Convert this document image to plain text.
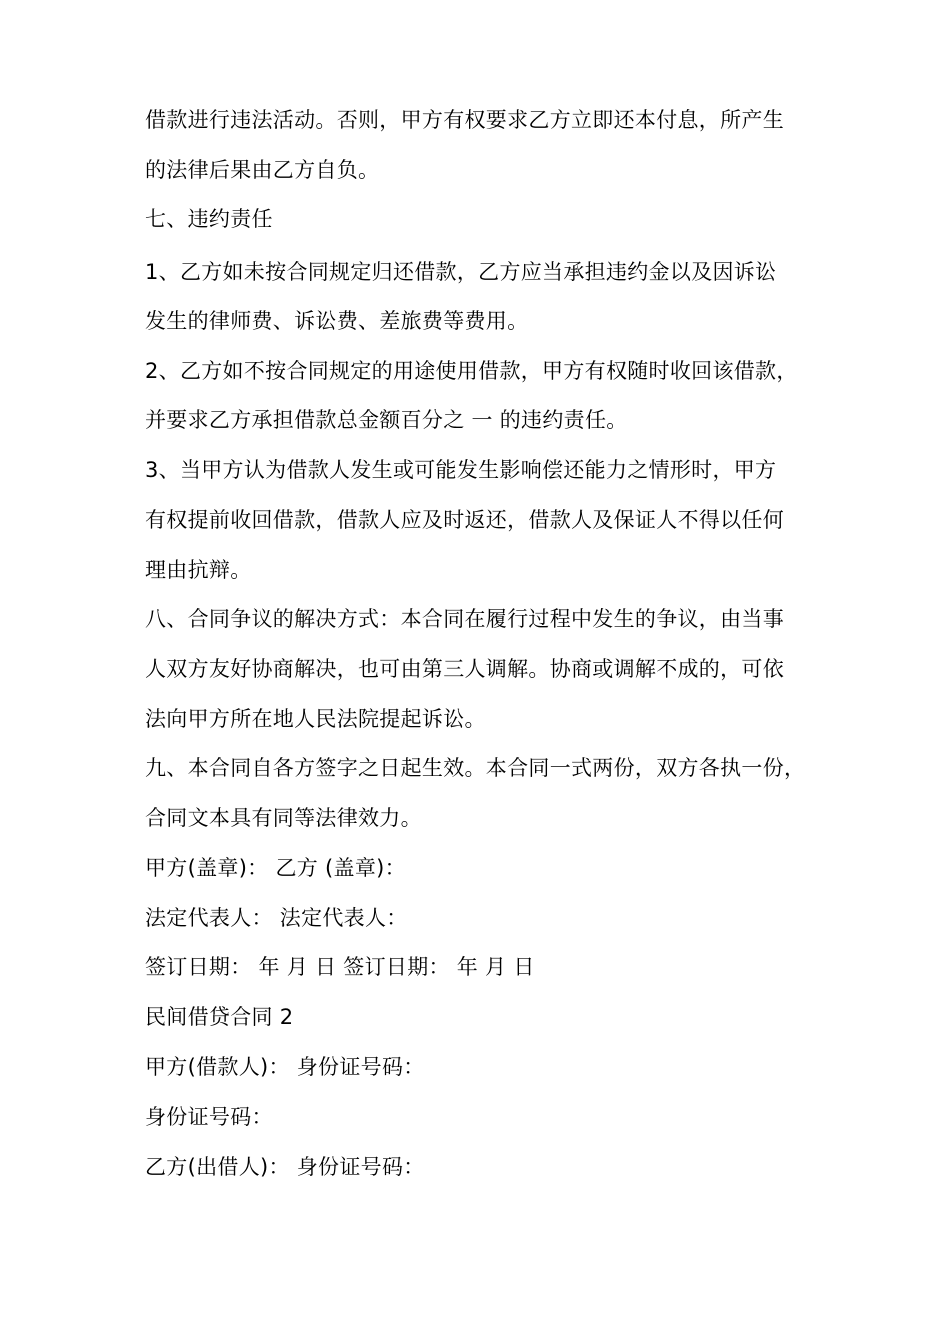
借款进行违法活动。否则，甲方有权要求乙方立即还本付息，所产生
的法律后果由乙方自负。
七、违约责任
1、乙方如未按合同规定归还借款，乙方应当承担违约金以及因诉讼
发生的律师费、诉讼费、差旅费等费用。
2、乙方如不按合同规定的用途使用借款，甲方有权随时收回该借款，
并要求乙方承担借款总金额百分之 一 的违约责任。
3、当甲方认为借款人发生或可能发生影响偿还能力之情形时，甲方
有权提前收回借款，借款人应及时返还，借款人及保证人不得以任何
理由抗辩。
八、合同争议的解决方式：本合同在履行过程中发生的争议，由当事
人双方友好协商解决，也可由第三人调解。协商或调解不成的，可依
法向甲方所在地人民法院提起诉讼。
九、本合同自各方签字之日起生效。本合同一式两份，双方各执一份，
合同文本具有同等法律效力。
甲方(盖章)： 乙方 (盖章)：
法定代表人： 法定代表人：
签订日期： 年 月 日 签订日期： 年 月 日
民间借贷合同 2
甲方(借款人)： 身份证号码：
身份证号码：
乙方(出借人)： 身份证号码：
